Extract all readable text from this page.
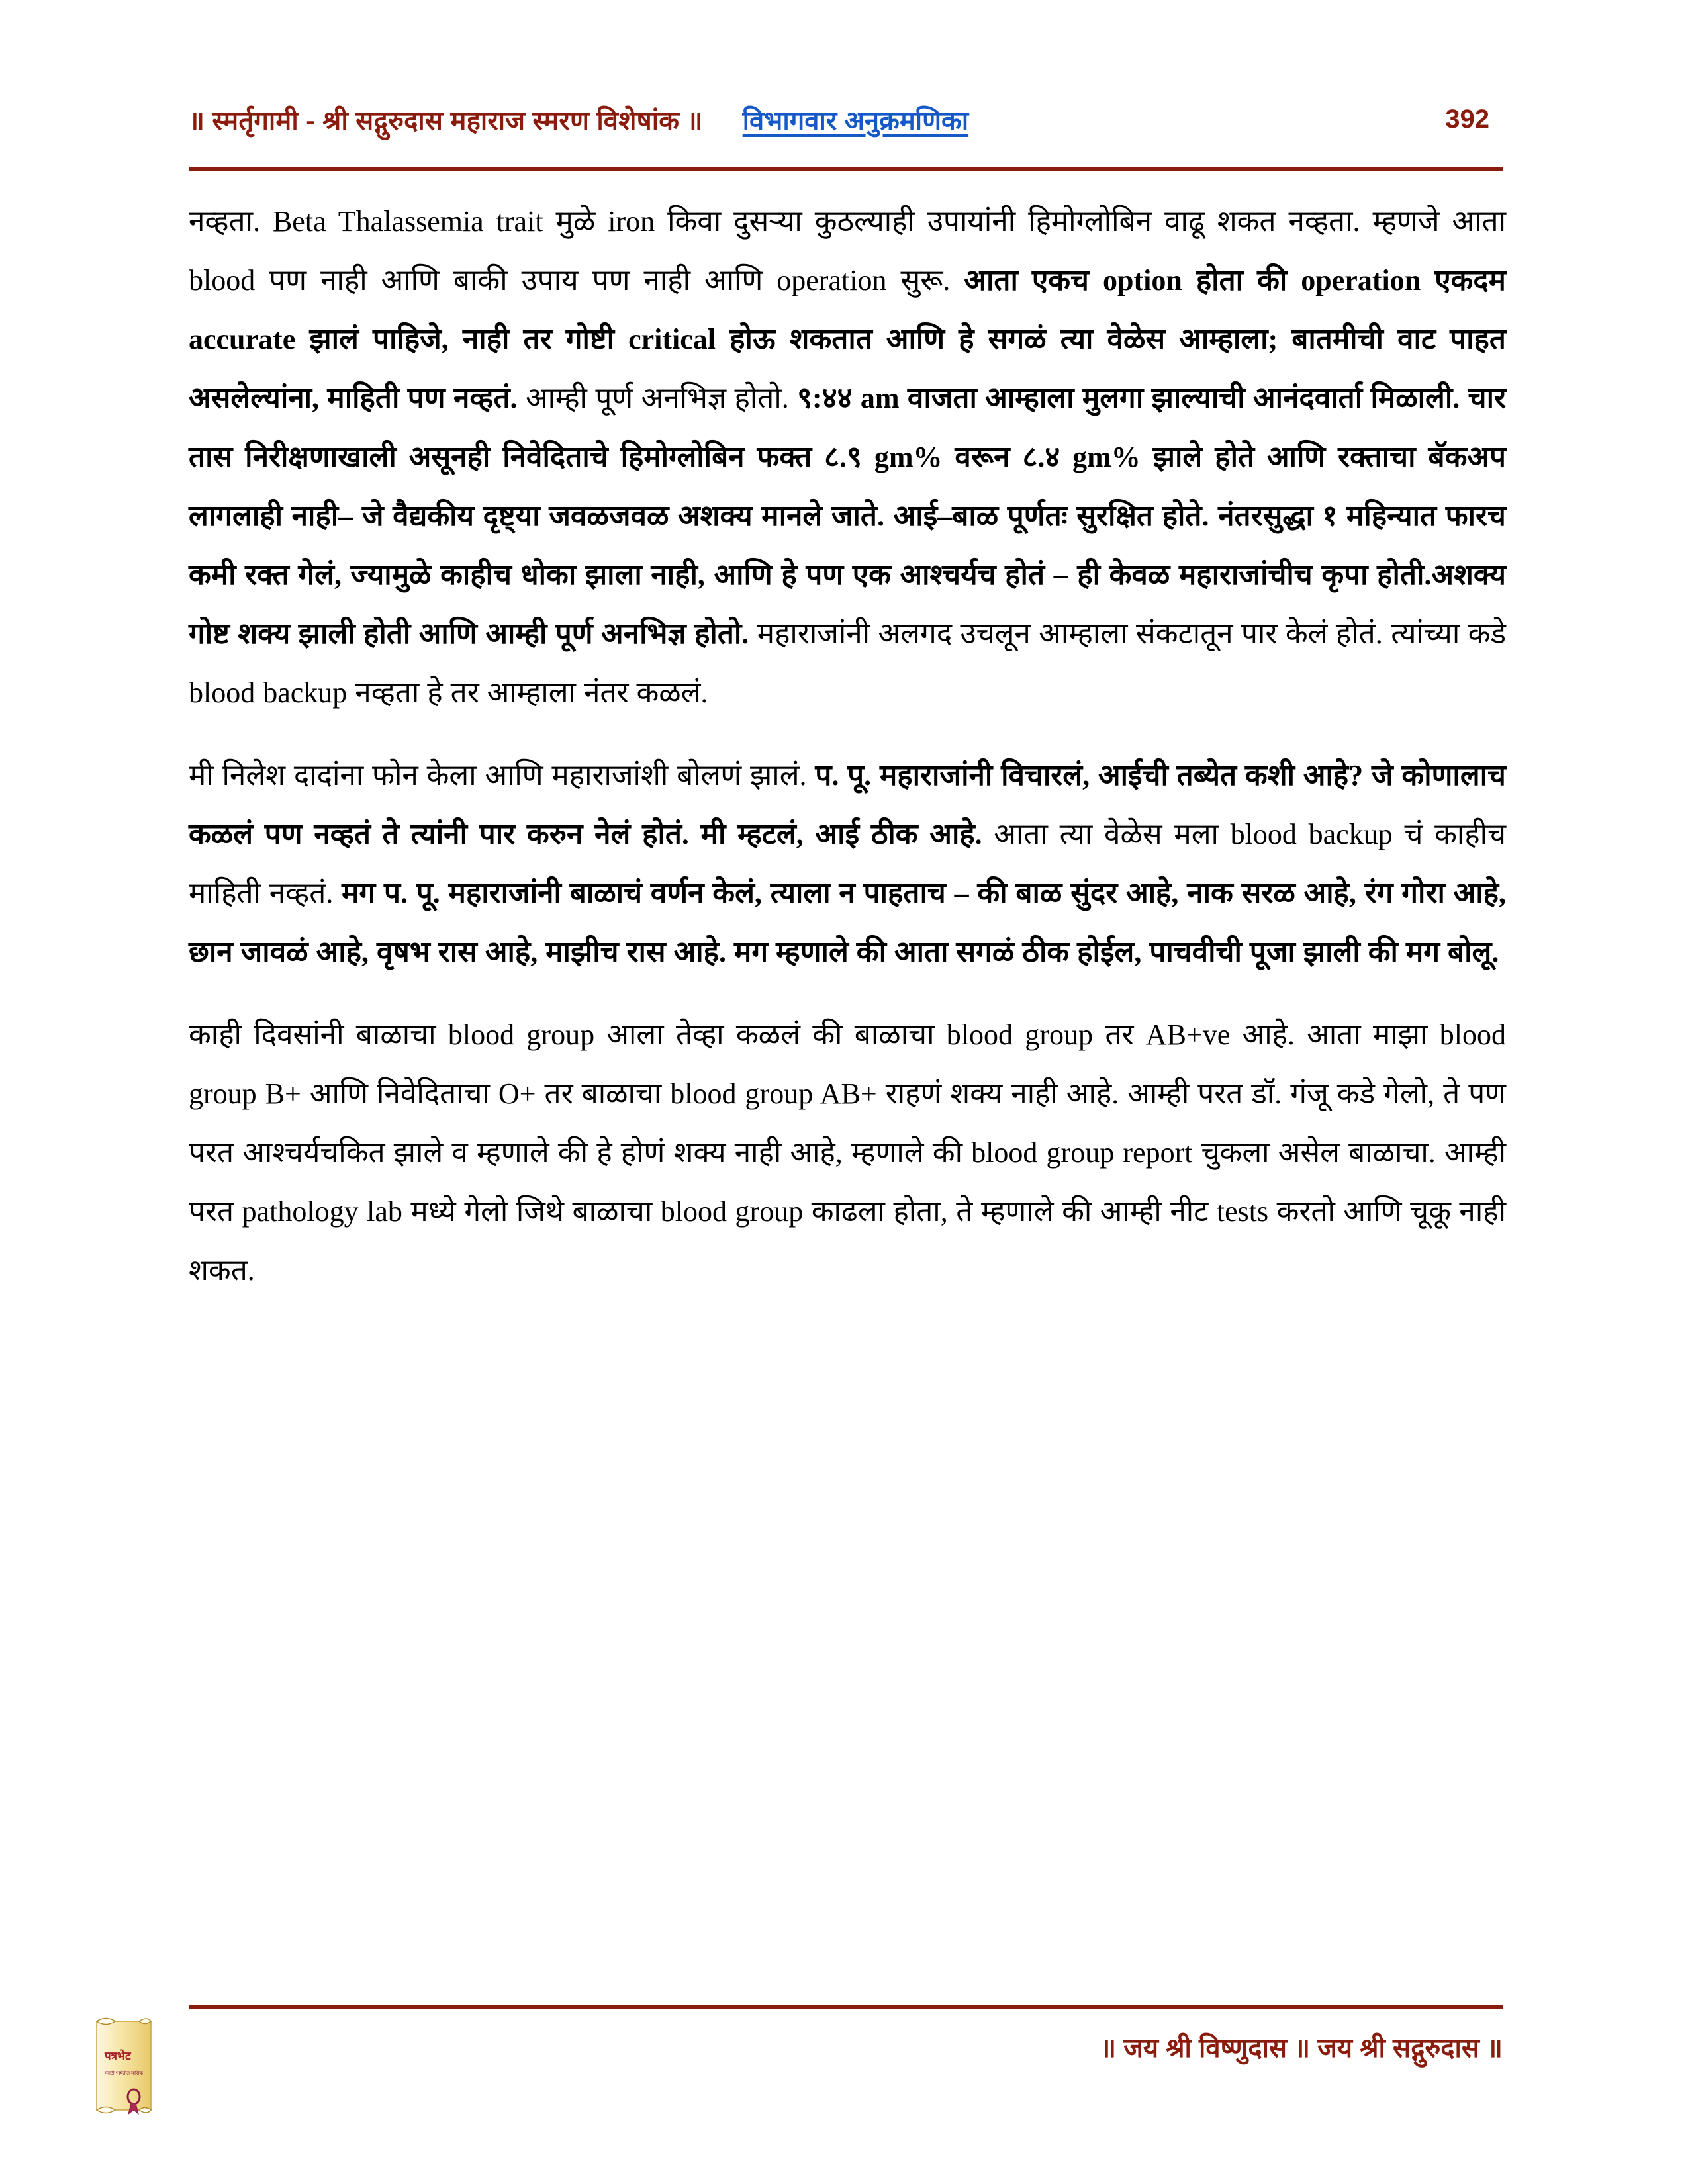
॥ स्मर्तृगामी - श्री सद्गुरुदास महाराज स्मरण विशेषांक ॥ विभागवार अनुक्रमणिका	392

नव्हता. Beta Thalassemia trait मुळे iron किवा दुसऱ्या कुठल्याही उपायांनी हिमोग्लोबिन वाढू शकत नव्हता. म्हणजे आता blood पण नाही आणि बाकी उपाय पण नाही आणि operation सुरू. आता एकच option होता की operation एकदम accurate झालं पाहिजे, नाही तर गोष्टी critical होऊ शकतात आणि हे सगळं त्या वेळेस आम्हाला; बातमीची वाट पाहत असलेल्यांना, माहिती पण नव्हतं. आम्ही पूर्ण अनभिज्ञ होतो. ९:४४ am वाजता आम्हाला मुलगा झाल्याची आनंदवार्ता मिळाली. चार तास निरीक्षणाखाली असूनही निवेदिताचे हिमोग्लोबिन फक्त ८.९ gm% वरून ८.४ gm% झाले होते आणि रक्ताचा बॅकअप लागलाही नाही– जे वैद्यकीय दृष्ट्या जवळजवळ अशक्य मानले जाते. आई–बाळ पूर्णतः सुरक्षित होते. नंतरसुद्धा १ महिन्यात फारच कमी रक्त गेलं, ज्यामुळे काहीच धोका झाला नाही, आणि हे पण एक आश्चर्यच होतं – ही केवळ महाराजांचीच कृपा होती.अशक्य गोष्ट शक्य झाली होती आणि आम्ही पूर्ण अनभिज्ञ होतो. महाराजांनी अलगद उचलून आम्हाला संकटातून पार केलं होतं. त्यांच्या कडे blood backup नव्हता हे तर आम्हाला नंतर कळलं.

मी निलेश दादांना फोन केला आणि महाराजांशी बोलणं झालं. प. पू. महाराजांनी विचारलं, आईची तब्येत कशी आहे? जे कोणालाच कळलं पण नव्हतं ते त्यांनी पार करुन नेलं होतं. मी म्हटलं, आई ठीक आहे. आता त्या वेळेस मला blood backup चं काहीच माहिती नव्हतं. मग प. पू. महाराजांनी बाळाचं वर्णन केलं, त्याला न पाहताच – की बाळ सुंदर आहे, नाक सरळ आहे, रंग गोरा आहे, छान जावळं आहे, वृषभ रास आहे, माझीच रास आहे. मग म्हणाले की आता सगळं ठीक होईल, पाचवीची पूजा झाली की मग बोलू.

काही दिवसांनी बाळाचा blood group आला तेव्हा कळलं की बाळाचा blood group तर AB+ve आहे. आता माझा blood group B+ आणि निवेदिताचा O+ तर बाळाचा blood group AB+ राहणं शक्य नाही आहे. आम्ही परत डॉ. गंजू कडे गेलो, ते पण परत आश्चर्यचकित झाले व म्हणाले की हे होणं शक्य नाही आहे, म्हणाले की blood group report चुकला असेल बाळाचा. आम्ही परत pathology lab मध्ये गेलो जिथे बाळाचा blood group काढला होता, ते म्हणाले की आम्ही नीट tests करतो आणि चूकू नाही शकत.

॥ जय श्री विष्णुदास ॥ जय श्री सद्गुरुदास ॥
पत्रभेट
मराठी भाषेतील मासिक
